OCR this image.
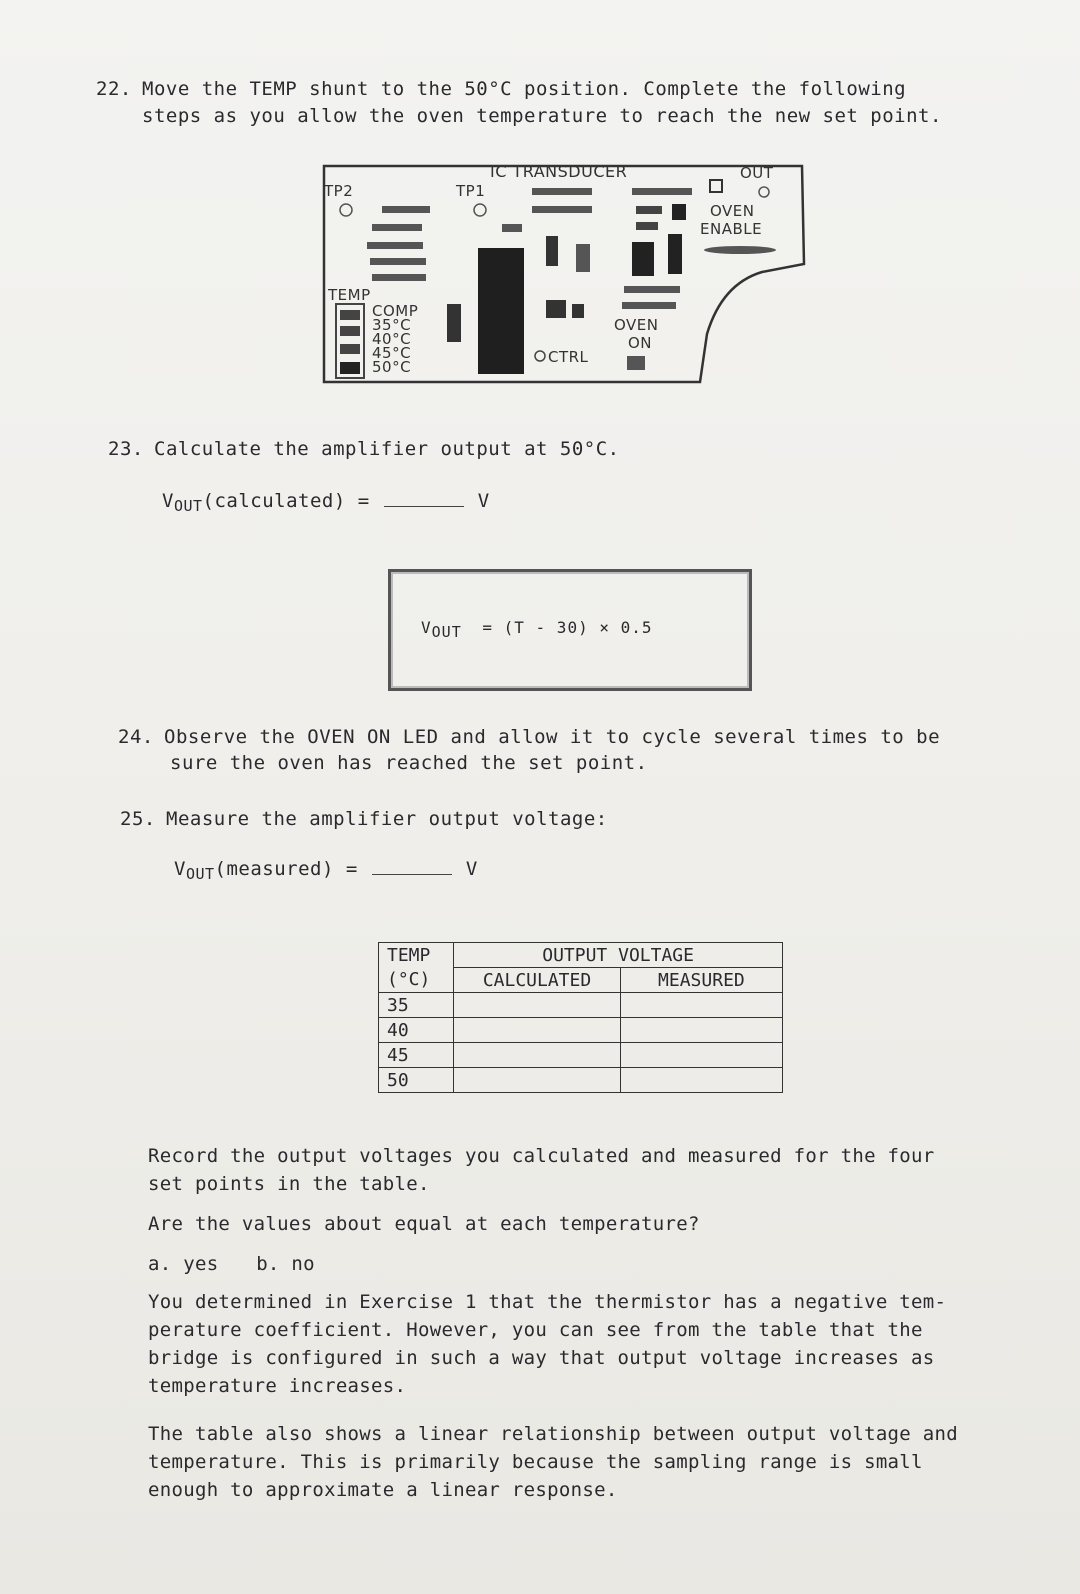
22. Move the TEMP shunt to the 50°C position. Complete the following
steps as you allow the oven temperature to reach the new set point.
IC TRANSDUCER
TP2	TP1
OUT
OVEN
ENABLE
TEMP
COMP
35°C
40°C
45°C
50°C
CTRL
OVEN
ON
23. Calculate the amplifier output at 50°C.
$V_{OUT}(calculated)$ =	V
VOUT = (T - 30) × 0.5
24. Observe the OVEN ON LED and allow it to cycle several times to be
sure the oven has reached the set point.
25. Measure the amplifier output voltage:
$V_{OUT}(measured)$ =	V
TEMP	OUTPUT VOLTAGE	
(°C)	CALCULATED	MEASURED
35		
40		
45		
50		
Record the output voltages you calculated and measured for the four
set points in the table.
Are the values about equal at each temperature?
a. yes b. no
You determined in Exercise 1 that the thermistor has a negative tem-
perature coefficient. However, you can see from the table that the
bridge is configured in such a way that output voltage increases as
temperature increases.
The table also shows a linear relationship between output voltage and
temperature. This is primarily because the sampling range is small
enough to approximate a linear response.
